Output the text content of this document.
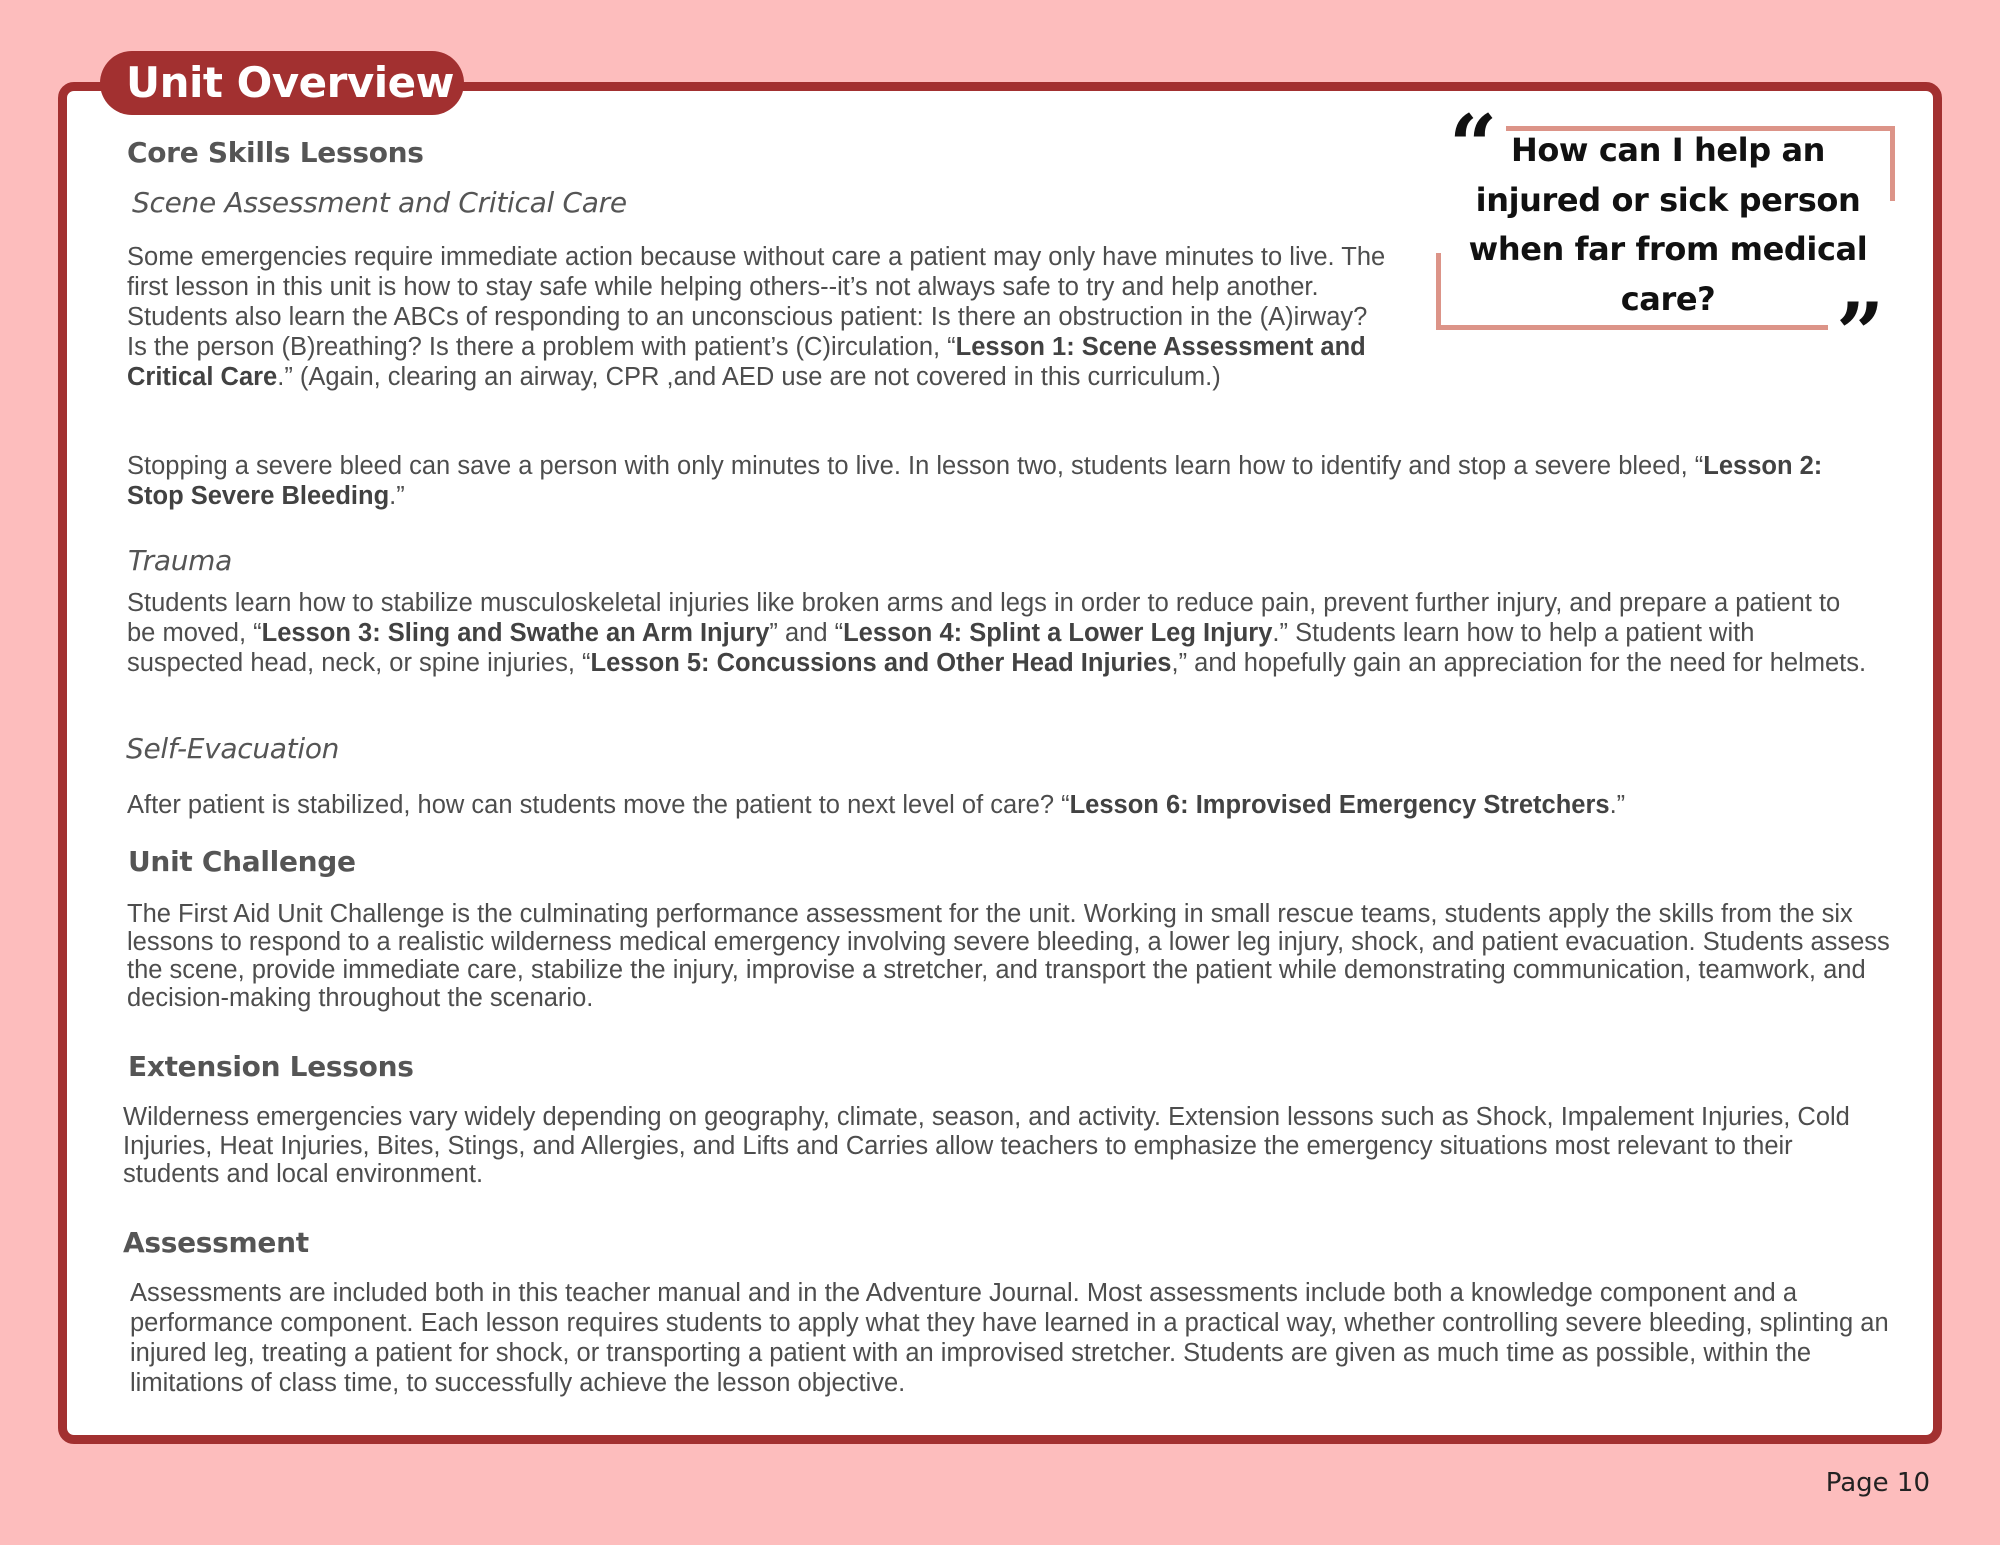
Unit Overview
Core Skills Lessons
Scene Assessment and Critical Care
Some emergencies require immediate action because without care a patient may only have minutes to live. The first lesson in this unit is how to stay safe while helping others--it’s not always safe to try and help another. Students also learn the ABCs of responding to an unconscious patient: Is there an obstruction in the (A)irway? Is the person (B)reathing? Is there a problem with patient’s (C)irculation, “Lesson 1: Scene Assessment and Critical Care.” (Again, clearing an airway, CPR ,and AED use are not covered in this curriculum.)
Stopping a severe bleed can save a person with only minutes to live. In lesson two, students learn how to identify and stop a severe bleed, “Lesson 2: Stop Severe Bleeding.”
Trauma
Students learn how to stabilize musculoskeletal injuries like broken arms and legs in order to reduce pain, prevent further injury, and prepare a patient to be moved, “Lesson 3: Sling and Swathe an Arm Injury” and “Lesson 4: Splint a Lower Leg Injury.” Students learn how to help a patient with suspected head, neck, or spine injuries, “Lesson 5: Concussions and Other Head Injuries,” and hopefully gain an appreciation for the need for helmets.
Self-Evacuation
After patient is stabilized, how can students move the patient to next level of care? “Lesson 6: Improvised Emergency Stretchers.”
Unit Challenge
The First Aid Unit Challenge is the culminating performance assessment for the unit. Working in small rescue teams, students apply the skills from the six lessons to respond to a realistic wilderness medical emergency involving severe bleeding, a lower leg injury, shock, and patient evacuation. Students assess the scene, provide immediate care, stabilize the injury, improvise a stretcher, and transport the patient while demonstrating communication, teamwork, and decision-making throughout the scenario.
Extension Lessons
Wilderness emergencies vary widely depending on geography, climate, season, and activity. Extension lessons such as Shock, Impalement Injuries, Cold Injuries, Heat Injuries, Bites, Stings, and Allergies, and Lifts and Carries allow teachers to emphasize the emergency situations most relevant to their students and local environment.
Assessment
Assessments are included both in this teacher manual and in the Adventure Journal. Most assessments include both a knowledge component and a performance component. Each lesson requires students to apply what they have learned in a practical way, whether controlling severe bleeding, splinting an injured leg, treating a patient for shock, or transporting a patient with an improvised stretcher. Students are given as much time as possible, within the limitations of class time, to successfully achieve the lesson objective.
“
”
How can I help an injured or sick person when far from medical care?
Page 10
